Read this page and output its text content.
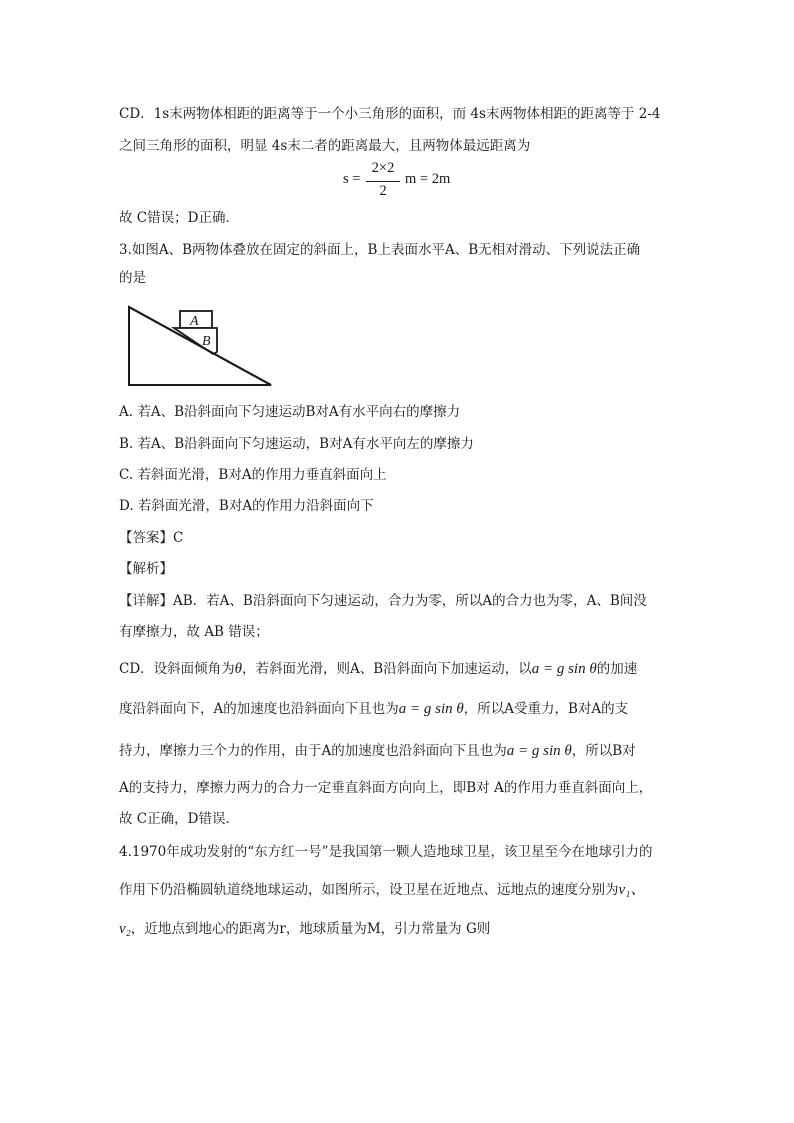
CD．1s末两物体相距的距离等于一个小三角形的面积，而 4s末两物体相距的距离等于 2-4
之间三角形的面积，明显 4s末二者的距离最大，且两物体最远距离为
s =
2×2
2
m = 2m
故 C错误；D正确．
3.如图A、B两物体叠放在固定的斜面上，B上表面水平A、B无相对滑动、下列说法正确
的是
A
B
A. 若A、B沿斜面向下匀速运动B对A有水平向右的摩擦力
B. 若A、B沿斜面向下匀速运动，B对A有水平向左的摩擦力
C. 若斜面光滑，B对A的作用力垂直斜面向上
D. 若斜面光滑，B对A的作用力沿斜面向下
【答案】C
【解析】
【详解】AB．若A、B沿斜面向下匀速运动，合力为零，所以A的合力也为零，A、B间没
有摩擦力，故 AB 错误；
CD．设斜面倾角为θ，若斜面光滑，则A、B沿斜面向下加速运动，以a = g sin θ的加速
度沿斜面向下，A的加速度也沿斜面向下且也为a = g sin θ，所以A受重力，B对A的支
持力，摩擦力三个力的作用，由于A的加速度也沿斜面向下且也为a = g sin θ，所以B对
A的支持力，摩擦力两力的合力一定垂直斜面方向向上，即B对 A的作用力垂直斜面向上，
故 C正确，D错误．
4.1970年成功发射的“东方红一号”是我国第一颗人造地球卫星，该卫星至今在地球引力的
作用下仍沿椭圆轨道绕地球运动，如图所示，设卫星在近地点、远地点的速度分别为v₁、
v₂，近地点到地心的距离为r，地球质量为M，引力常量为 G则
